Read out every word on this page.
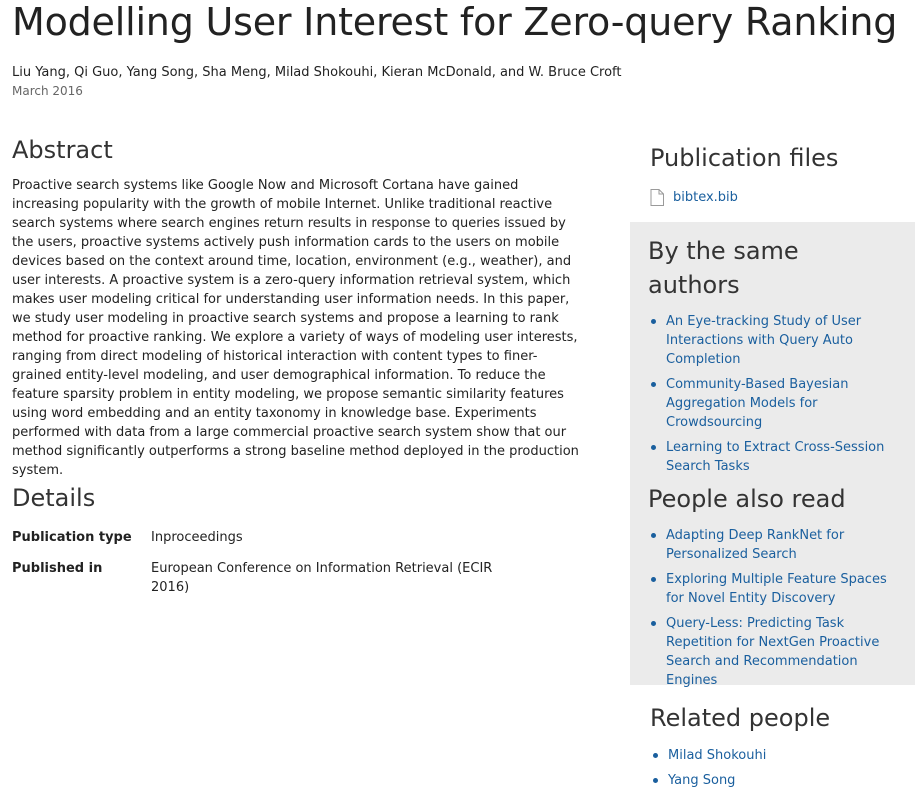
Modelling User Interest for Zero-query Ranking
Liu Yang, Qi Guo, Yang Song, Sha Meng, Milad Shokouhi, Kieran McDonald, and W. Bruce Croft
March 2016
Abstract

Proactive search systems like Google Now and Microsoft Cortana have gained increasing popularity with the growth of mobile Internet. Unlike traditional reactive search systems where search engines return results in response to queries issued by the users, proactive systems actively push information cards to the users on mobile devices based on the context around time, location, environment (e.g., weather), and user interests. A proactive system is a zero-query information retrieval system, which makes user modeling critical for understanding user information needs. In this paper, we study user modeling in proactive search systems and propose a learning to rank method for proactive ranking. We explore a variety of ways of modeling user interests, ranging from direct modeling of historical interaction with content types to finer-grained entity-level modeling, and user demographical information. To reduce the feature sparsity problem in entity modeling, we propose semantic similarity features using word embedding and an entity taxonomy in knowledge base. Experiments performed with data from a large commercial proactive search system show that our method significantly outperforms a strong baseline method deployed in the production system.

Details
Publication type	Inproceedings
Published in	European Conference on Information Retrieval (ECIR 2016)
Publication files
bibtex.bib
By the same authors
An Eye-tracking Study of User Interactions with Query Auto Completion
Community-Based Bayesian Aggregation Models for Crowdsourcing
Learning to Extract Cross-Session Search Tasks
People also read
Adapting Deep RankNet for Personalized Search
Exploring Multiple Feature Spaces for Novel Entity Discovery
Query-Less: Predicting Task Repetition for NextGen Proactive Search and Recommendation Engines
Related people
Milad Shokouhi
Yang Song
